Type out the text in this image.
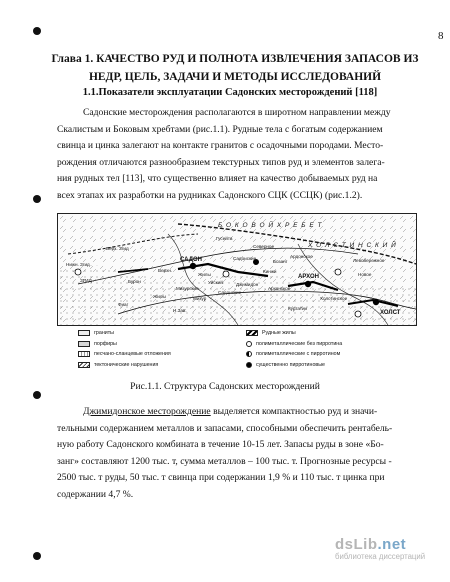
8
Глава 1. КАЧЕСТВО РУД И ПОЛНОТА ИЗВЛЕЧЕНИЯ ЗАПАСОВ ИЗ
НЕДР, ЦЕЛЬ, ЗАДАЧИ И МЕТОДЫ ИССЛЕДОВАНИЙ
1.1.Показатели эксплуатации Садонских месторождений [118]
Садонские месторождения располагаются в широтном направлении между
Скалистым и Боковым хребтами (рис.1.1). Рудные тела с богатым содержанием
свинца и цинка залегают на контакте гранитов с осадочными породами. Место-
рождения отличаются разнообразием текстурных типов руд и элементов залега-
ния рудных тел [113], что существенно влияет на качество добываемых руд на
всех этапах их разработки на рудниках Садонского СЦК (ССЦК) (рис.1.2).
Б О К О В О Й Х Р Е Б Е Т
Х О Л С Т И Н С К И Й
Нижн. Згид
Верх. Згид
САДОН
Гусейта
Ардонское
Левобережное
Новое
Бурон
ЗГИД
Жилы
Уйский
Садонские
Мизурские
Джимидон
Кинжи
Архонское
Холстинское
Верхн.
Жилы
Садонские
Северное
Бозанг
Мизур
Н.Зав.
Фиаг
Куртатин
АРХОН
ХОЛСТ
граниты
порфиры
песчано-сланцевые отложения
тектонические нарушения
Рудные жилы
полиметаллические без пирротина
полиметаллические с пирротином
существенно пирротиновые
Рис.1.1. Структура Садонских месторождений
Джимидонское месторождение выделяется компактностью руд и значи-
тельными содержанием металлов и запасами, способными обеспечить рентабель-
ную работу Садонского комбината в течение 10-15 лет. Запасы руды в зоне «Бо-
занг» составляют 1200 тыс. т, сумма металлов – 100 тыс. т. Прогнозные ресурсы -
2500 тыс. т руды, 50 тыс. т свинца при содержании 1,9 % и 110 тыс. т цинка при
содержании 4,7 %.
dsLib.net
библиотека диссертаций
